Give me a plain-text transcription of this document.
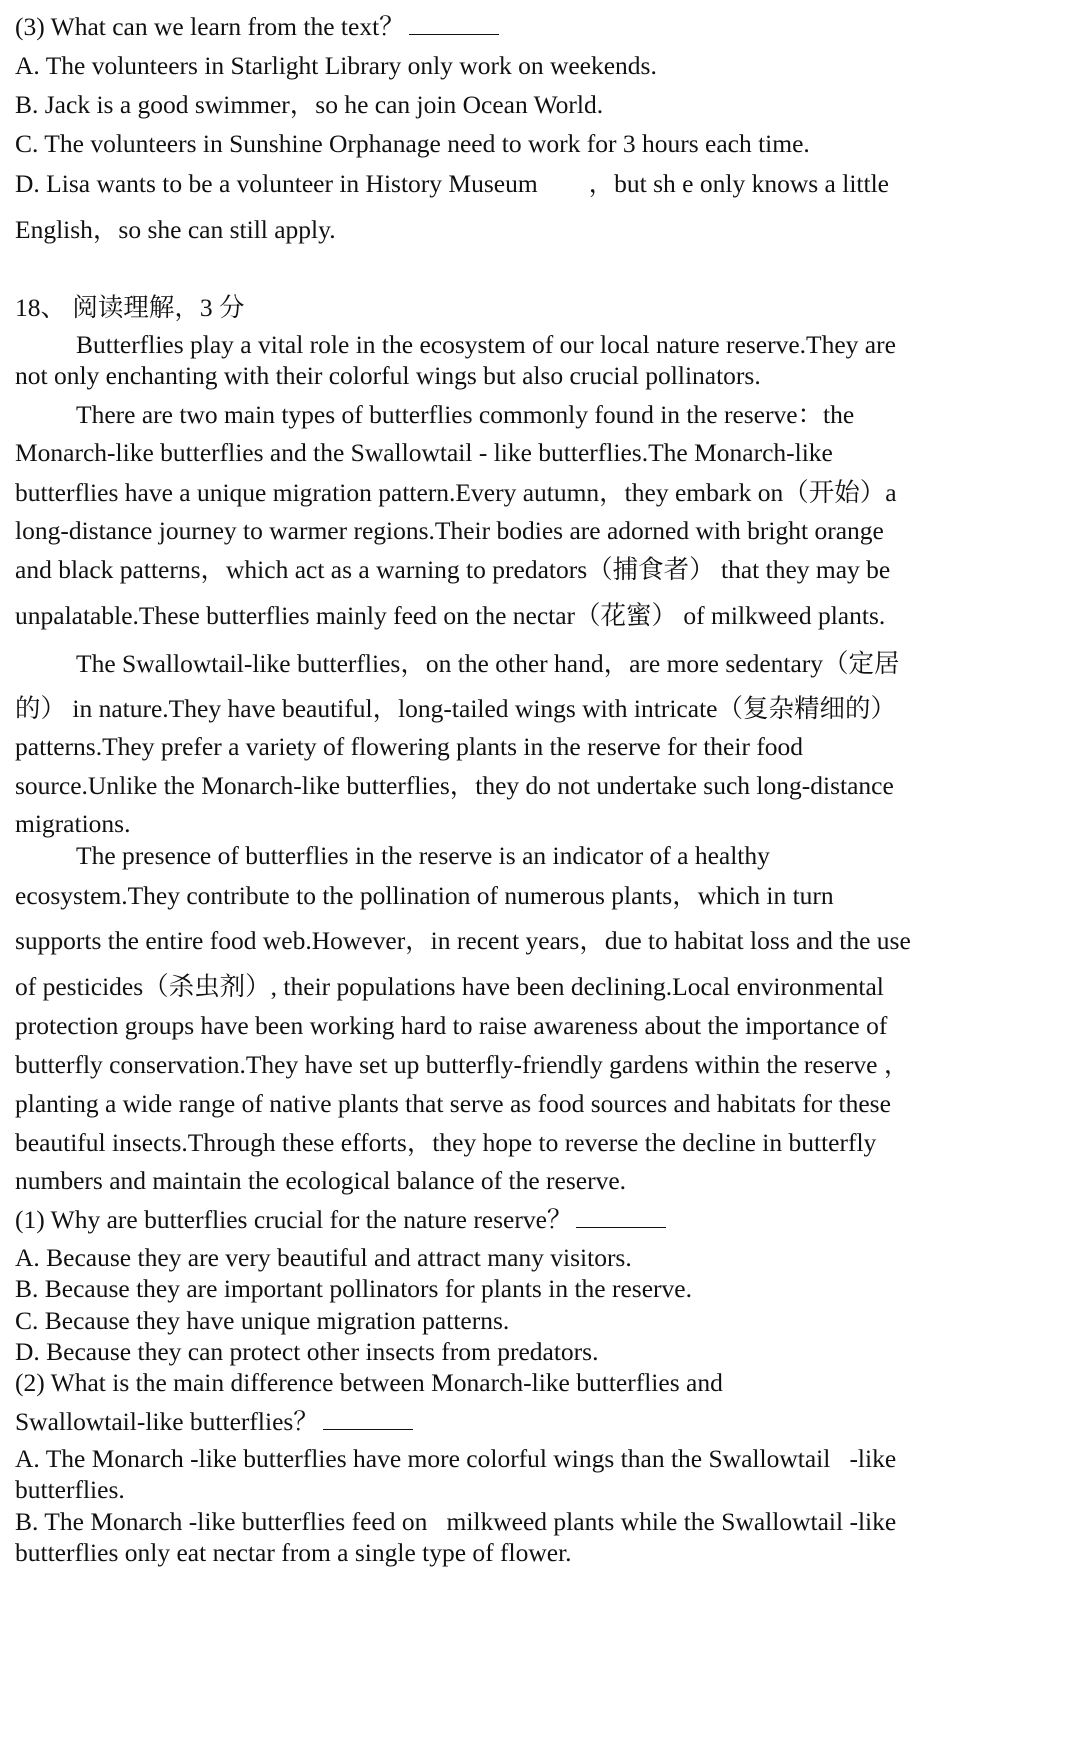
(3) What can we learn from the text？
A. The volunteers in Starlight Library only work on weekends.
B. Jack is a good swimmer，so he can join Ocean World.
C. The volunteers in Sunshine Orphanage need to work for 3 hours each time.
D. Lisa wants to be a volunteer in History Museum        ，but sh e only knows a little
English，so she can still apply.
18、 阅读理解，3 分
Butterflies play a vital role in the ecosystem of our local nature reserve.They are
not only enchanting with their colorful wings but also crucial pollinators.
There are two main types of butterflies commonly found in the reserve：the
Monarch-like butterflies and the Swallowtail - like butterflies.The Monarch-like
butterflies have a unique migration pattern.Every autumn，they embark on（开始）a
long-distance journey to warmer regions.Their bodies are adorned with bright orange
and black patterns，which act as a warning to predators（捕食者） that they may be
unpalatable.These butterflies mainly feed on the nectar（花蜜） of milkweed plants.
The Swallowtail-like butterflies，on the other hand，are more sedentary（定居
的） in nature.They have beautiful，long-tailed wings with intricate（复杂精细的）
patterns.They prefer a variety of flowering plants in the reserve for their food
source.Unlike the Monarch-like butterflies，they do not undertake such long-distance
migrations.
The presence of butterflies in the reserve is an indicator of a healthy
ecosystem.They contribute to the pollination of numerous plants，which in turn
supports the entire food web.However，in recent years，due to habitat loss and the use
of pesticides（杀虫剂）, their populations have been declining.Local environmental
protection groups have been working hard to raise awareness about the importance of
butterfly conservation.They have set up butterfly-friendly gardens within the reserve ，
planting a wide range of native plants that serve as food sources and habitats for these
beautiful insects.Through these efforts，they hope to reverse the decline in butterfly
numbers and maintain the ecological balance of the reserve.
(1) Why are butterflies crucial for the nature reserve？
A. Because they are very beautiful and attract many visitors.
B. Because they are important pollinators for plants in the reserve.
C. Because they have unique migration patterns.
D. Because they can protect other insects from predators.
(2) What is the main difference between Monarch-like butterflies and
Swallowtail-like butterflies？
A. The Monarch -like butterflies have more colorful wings than the Swallowtail   -like
butterflies.
B. The Monarch -like butterflies feed on   milkweed plants while the Swallowtail -like
butterflies only eat nectar from a single type of flower.
